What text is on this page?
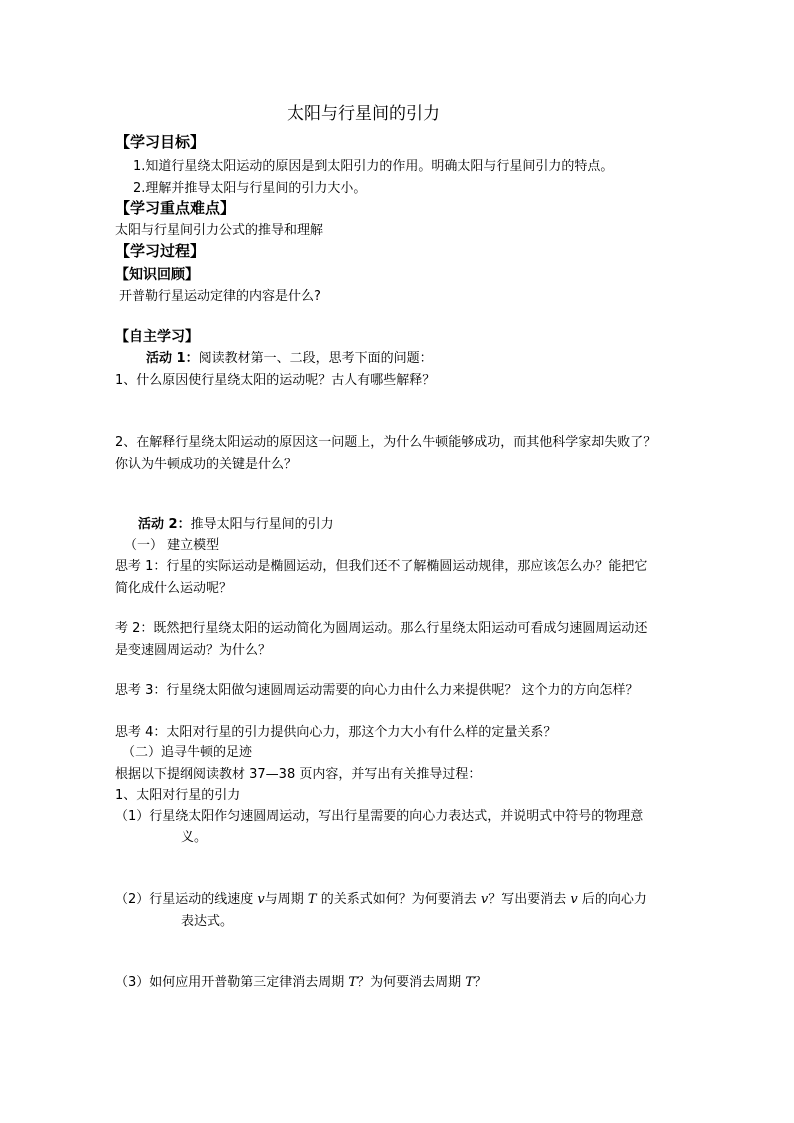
太阳与行星间的引力
【学习目标】
1.知道行星绕太阳运动的原因是到太阳引力的作用。明确太阳与行星间引力的特点。
2.理解并推导太阳与行星间的引力大小。
【学习重点难点】
太阳与行星间引力公式的推导和理解
【学习过程】
【知识回顾】
开普勒行星运动定律的内容是什么?
【自主学习】
活动 1：阅读教材第一、二段，思考下面的问题：
1、什么原因使行星绕太阳的运动呢？古人有哪些解释？
2、在解释行星绕太阳运动的原因这一问题上，为什么牛顿能够成功，而其他科学家却失败了？
你认为牛顿成功的关键是什么？
活动 2：推导太阳与行星间的引力
（一） 建立模型
思考 1：行星的实际运动是椭圆运动，但我们还不了解椭圆运动规律，那应该怎么办？能把它
简化成什么运动呢？
考 2：既然把行星绕太阳的运动简化为圆周运动。那么行星绕太阳运动可看成匀速圆周运动还
是变速圆周运动？为什么？
思考 3：行星绕太阳做匀速圆周运动需要的向心力由什么力来提供呢？ 这个力的方向怎样？
思考 4：太阳对行星的引力提供向心力，那这个力大小有什么样的定量关系？
（二）追寻牛顿的足迹
根据以下提纲阅读教材 37—38 页内容，并写出有关推导过程：
1、太阳对行星的引力
（1）行星绕太阳作匀速圆周运动，写出行星需要的向心力表达式，并说明式中符号的物理意
义。
（2）行星运动的线速度 v与周期 T 的关系式如何？为何要消去 v？写出要消去 v 后的向心力
表达式。
（3）如何应用开普勒第三定律消去周期 T？为何要消去周期 T？
